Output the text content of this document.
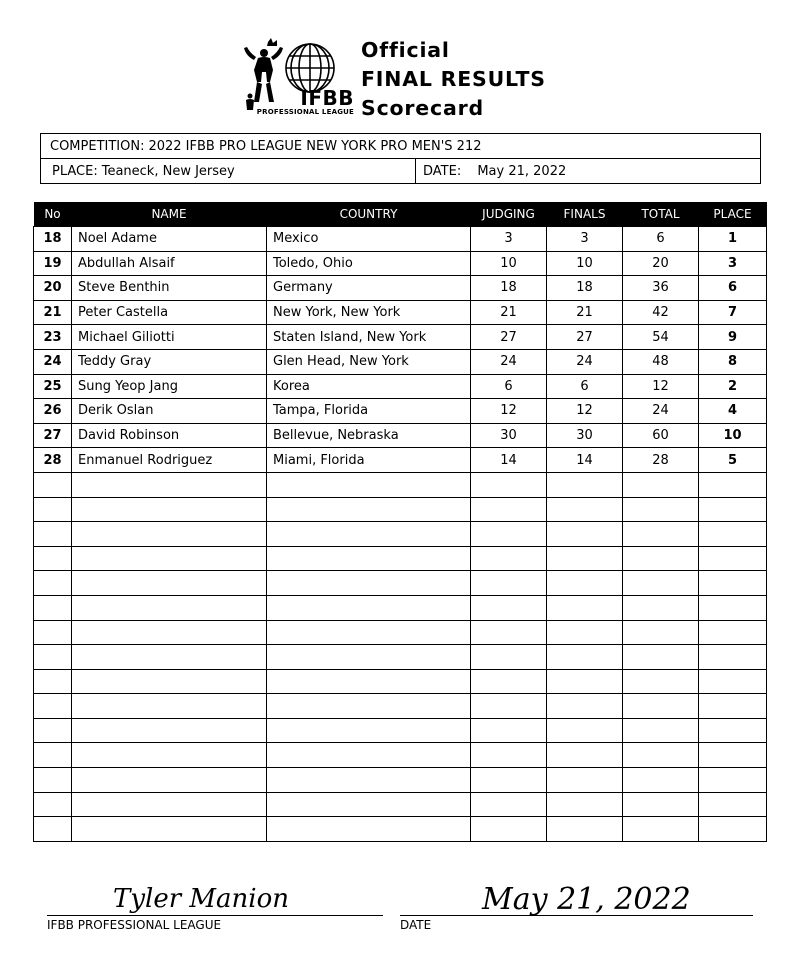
IFBB
PROFESSIONAL LEAGUE
Official
FINAL RESULTS
Scorecard
COMPETITION: 2022 IFBB PRO LEAGUE NEW YORK PRO MEN'S 212
PLACE: Teaneck, New Jersey	DATE: May 21, 2022
No	NAME	COUNTRY	JUDGING	FINALS	TOTAL	PLACE
18	Noel Adame	Mexico	3	3	6	1
19	Abdullah Alsaif	Toledo, Ohio	10	10	20	3
20	Steve Benthin	Germany	18	18	36	6
21	Peter Castella	New York, New York	21	21	42	7
23	Michael Giliotti	Staten Island, New York	27	27	54	9
24	Teddy Gray	Glen Head, New York	24	24	48	8
25	Sung Yeop Jang	Korea	6	6	12	2
26	Derik Oslan	Tampa, Florida	12	12	24	4
27	David Robinson	Bellevue, Nebraska	30	30	60	10
28	Enmanuel Rodriguez	Miami, Florida	14	14	28	5

IFBB PROFESSIONAL LEAGUE
Tyler Manion
DATE
May 21, 2022
